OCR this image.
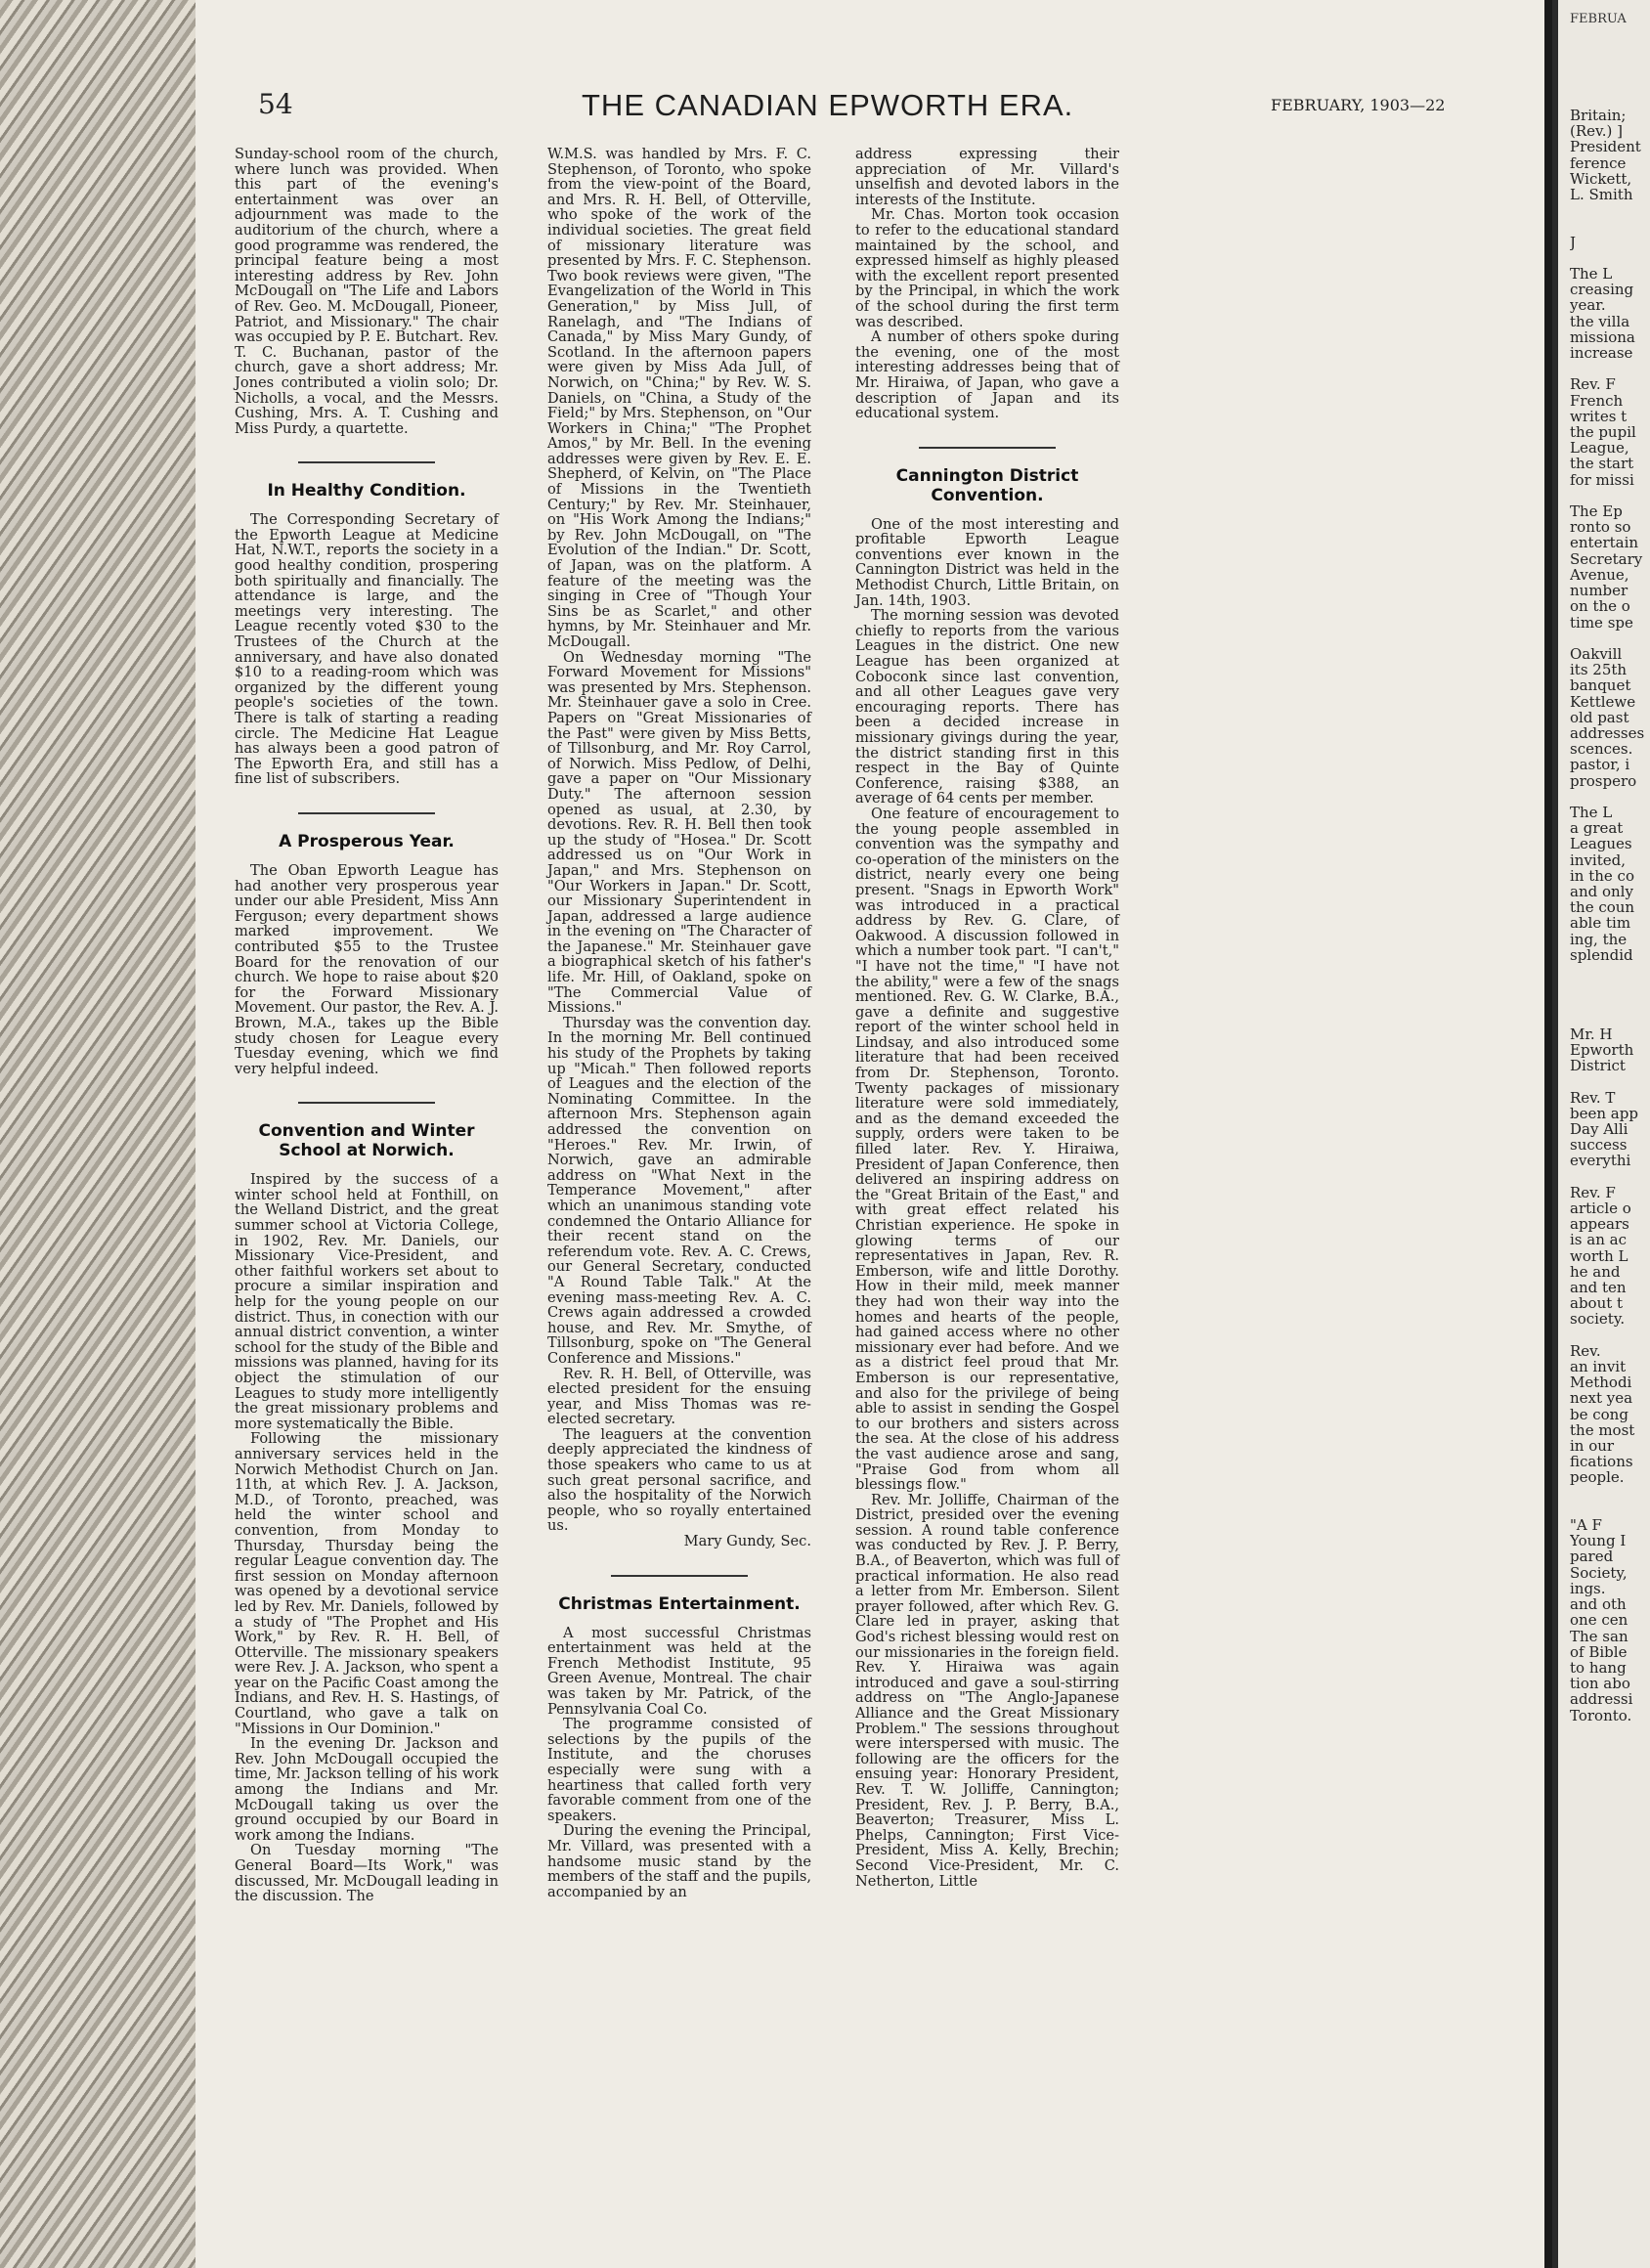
54	THE CANADIAN EPWORTH ERA.	FEBRUARY, 1903—22

Sunday-school room of the church, where lunch was provided. When this part of the evening's entertainment was over an adjournment was made to the auditorium of the church, where a good programme was rendered, the principal feature being a most interesting address by Rev. John McDougall on "The Life and Labors of Rev. Geo. M. McDougall, Pioneer, Patriot, and Missionary." The chair was occupied by P. E. Butchart. Rev. T. C. Buchanan, pastor of the church, gave a short address; Mr. Jones contributed a violin solo; Dr. Nicholls, a vocal, and the Messrs. Cushing, Mrs. A. T. Cushing and Miss Purdy, a quartette.

In Healthy Condition.

The Corresponding Secretary of the Epworth League at Medicine Hat, N.W.T., reports the society in a good healthy condition, prospering both spiritually and financially. The attendance is large, and the meetings very interesting. The League recently voted $30 to the Trustees of the Church at the anniversary, and have also donated $10 to a reading-room which was organized by the different young people's societies of the town. There is talk of starting a reading circle. The Medicine Hat League has always been a good patron of The Epworth Era, and still has a fine list of subscribers.

A Prosperous Year.

The Oban Epworth League has had another very prosperous year under our able President, Miss Ann Ferguson; every department shows marked improvement. We contributed $55 to the Trustee Board for the renovation of our church. We hope to raise about $20 for the Forward Missionary Movement. Our pastor, the Rev. A. J. Brown, M.A., takes up the Bible study chosen for League every Tuesday evening, which we find very helpful indeed.

Convention and Winter School at Norwich.

Inspired by the success of a winter school held at Fonthill, on the Welland District, and the great summer school at Victoria College, in 1902, Rev. Mr. Daniels, our Missionary Vice-President, and other faithful workers set about to procure a similar inspiration and help for the young people on our district. Thus, in conection with our annual district convention, a winter school for the study of the Bible and missions was planned, having for its object the stimulation of our Leagues to study more intelligently the great missionary problems and more systematically the Bible.

Following the missionary anniversary services held in the Norwich Methodist Church on Jan. 11th, at which Rev. J. A. Jackson, M.D., of Toronto, preached, was held the winter school and convention, from Monday to Thursday, Thursday being the regular League convention day. The first session on Monday afternoon was opened by a devotional service led by Rev. Mr. Daniels, followed by a study of "The Prophet and His Work," by Rev. R. H. Bell, of Otterville. The missionary speakers were Rev. J. A. Jackson, who spent a year on the Pacific Coast among the Indians, and Rev. H. S. Hastings, of Courtland, who gave a talk on "Missions in Our Dominion."

In the evening Dr. Jackson and Rev. John McDougall occupied the time, Mr. Jackson telling of his work among the Indians and Mr. McDougall taking us over the ground occupied by our Board in work among the Indians.

On Tuesday morning "The General Board—Its Work," was discussed, Mr. McDougall leading in the discussion. The

W.M.S. was handled by Mrs. F. C. Stephenson, of Toronto, who spoke from the view-point of the Board, and Mrs. R. H. Bell, of Otterville, who spoke of the work of the individual societies. The great field of missionary literature was presented by Mrs. F. C. Stephenson. Two book reviews were given, "The Evangelization of the World in This Generation," by Miss Jull, of Ranelagh, and "The Indians of Canada," by Miss Mary Gundy, of Scotland. In the afternoon papers were given by Miss Ada Jull, of Norwich, on "China;" by Rev. W. S. Daniels, on "China, a Study of the Field;" by Mrs. Stephenson, on "Our Workers in China;" "The Prophet Amos," by Mr. Bell. In the evening addresses were given by Rev. E. E. Shepherd, of Kelvin, on "The Place of Missions in the Twentieth Century;" by Rev. Mr. Steinhauer, on "His Work Among the Indians;" by Rev. John McDougall, on "The Evolution of the Indian." Dr. Scott, of Japan, was on the platform. A feature of the meeting was the singing in Cree of "Though Your Sins be as Scarlet," and other hymns, by Mr. Steinhauer and Mr. McDougall.

On Wednesday morning "The Forward Movement for Missions" was presented by Mrs. Stephenson. Mr. Steinhauer gave a solo in Cree. Papers on "Great Missionaries of the Past" were given by Miss Betts, of Tillsonburg, and Mr. Roy Carrol, of Norwich. Miss Pedlow, of Delhi, gave a paper on "Our Missionary Duty." The afternoon session opened as usual, at 2.30, by devotions. Rev. R. H. Bell then took up the study of "Hosea." Dr. Scott addressed us on "Our Work in Japan," and Mrs. Stephenson on "Our Workers in Japan." Dr. Scott, our Missionary Superintendent in Japan, addressed a large audience in the evening on "The Character of the Japanese." Mr. Steinhauer gave a biographical sketch of his father's life. Mr. Hill, of Oakland, spoke on "The Commercial Value of Missions."

Thursday was the convention day. In the morning Mr. Bell continued his study of the Prophets by taking up "Micah." Then followed reports of Leagues and the election of the Nominating Committee. In the afternoon Mrs. Stephenson again addressed the convention on "Heroes." Rev. Mr. Irwin, of Norwich, gave an admirable address on "What Next in the Temperance Movement," after which an unanimous standing vote condemned the Ontario Alliance for their recent stand on the referendum vote. Rev. A. C. Crews, our General Secretary, conducted "A Round Table Talk." At the evening mass-meeting Rev. A. C. Crews again addressed a crowded house, and Rev. Mr. Smythe, of Tillsonburg, spoke on "The General Conference and Missions."

Rev. R. H. Bell, of Otterville, was elected president for the ensuing year, and Miss Thomas was re-elected secretary.

The leaguers at the convention deeply appreciated the kindness of those speakers who came to us at such great personal sacrifice, and also the hospitality of the Norwich people, who so royally entertained us.

Mary Gundy, Sec.
Christmas Entertainment.

A most successful Christmas entertainment was held at the French Methodist Institute, 95 Green Avenue, Montreal. The chair was taken by Mr. Patrick, of the Pennsylvania Coal Co.

The programme consisted of selections by the pupils of the Institute, and the choruses especially were sung with a heartiness that called forth very favorable comment from one of the speakers.

During the evening the Principal, Mr. Villard, was presented with a handsome music stand by the members of the staff and the pupils, accompanied by an

address expressing their appreciation of Mr. Villard's unselfish and devoted labors in the interests of the Institute.

Mr. Chas. Morton took occasion to refer to the educational standard maintained by the school, and expressed himself as highly pleased with the excellent report presented by the Principal, in which the work of the school during the first term was described.

A number of others spoke during the evening, one of the most interesting addresses being that of Mr. Hiraiwa, of Japan, who gave a description of Japan and its educational system.

Cannington District Convention.

One of the most interesting and profitable Epworth League conventions ever known in the Cannington District was held in the Methodist Church, Little Britain, on Jan. 14th, 1903.

The morning session was devoted chiefly to reports from the various Leagues in the district. One new League has been organized at Coboconk since last convention, and all other Leagues gave very encouraging reports. There has been a decided increase in missionary givings during the year, the district standing first in this respect in the Bay of Quinte Conference, raising $388, an average of 64 cents per member.

One feature of encouragement to the young people assembled in convention was the sympathy and co-operation of the ministers on the district, nearly every one being present. "Snags in Epworth Work" was introduced in a practical address by Rev. G. Clare, of Oakwood. A discussion followed in which a number took part. "I can't," "I have not the time," "I have not the ability," were a few of the snags mentioned. Rev. G. W. Clarke, B.A., gave a definite and suggestive report of the winter school held in Lindsay, and also introduced some literature that had been received from Dr. Stephenson, Toronto. Twenty packages of missionary literature were sold immediately, and as the demand exceeded the supply, orders were taken to be filled later. Rev. Y. Hiraiwa, President of Japan Conference, then delivered an inspiring address on the "Great Britain of the East," and with great effect related his Christian experience. He spoke in glowing terms of our representatives in Japan, Rev. R. Emberson, wife and little Dorothy. How in their mild, meek manner they had won their way into the homes and hearts of the people, had gained access where no other missionary ever had before. And we as a district feel proud that Mr. Emberson is our representative, and also for the privilege of being able to assist in sending the Gospel to our brothers and sisters across the sea. At the close of his address the vast audience arose and sang, "Praise God from whom all blessings flow."

Rev. Mr. Jolliffe, Chairman of the District, presided over the evening session. A round table conference was conducted by Rev. J. P. Berry, B.A., of Beaverton, which was full of practical information. He also read a letter from Mr. Emberson. Silent prayer followed, after which Rev. G. Clare led in prayer, asking that God's richest blessing would rest on our missionaries in the foreign field. Rev. Y. Hiraiwa was again introduced and gave a soul-stirring address on "The Anglo-Japanese Alliance and the Great Missionary Problem." The sessions throughout were interspersed with music. The following are the officers for the ensuing year: Honorary President, Rev. T. W. Jolliffe, Cannington; President, Rev. J. P. Berry, B.A., Beaverton; Treasurer, Miss L. Phelps, Cannington; First Vice-President, Miss A. Kelly, Brechin; Second Vice-President, Mr. C. Netherton, Little

FEBRUA
Britain;
(Rev.) ]
President
ference
Wickett,
L. Smith

J

The L
creasing
year.
the villa
missiona
increase

Rev. F
French
writes t
the pupil
League,
the start
for missi

The Ep
ronto so
entertain
Secretary
Avenue,
number
on the o
time spe

Oakvill
its 25th
banquet
Kettlewe
old past
addresses
scences.
pastor, i
prospero

The L
a great
Leagues
invited,
in the co
and only
the coun
able tim
ing, the
splendid

Mr. H
Epworth
District

Rev. T
been app
Day Alli
success
everythi

Rev. F
article o
appears
is an ac
worth L
he and
and ten
about t
society.

Rev.
an invit
Methodi
next yea
be cong
the most
in our
fications
people.

"A F
Young I
pared
Society,
ings.
and oth
one cen
The san
of Bible
to hang
tion abo
addressi
Toronto.
